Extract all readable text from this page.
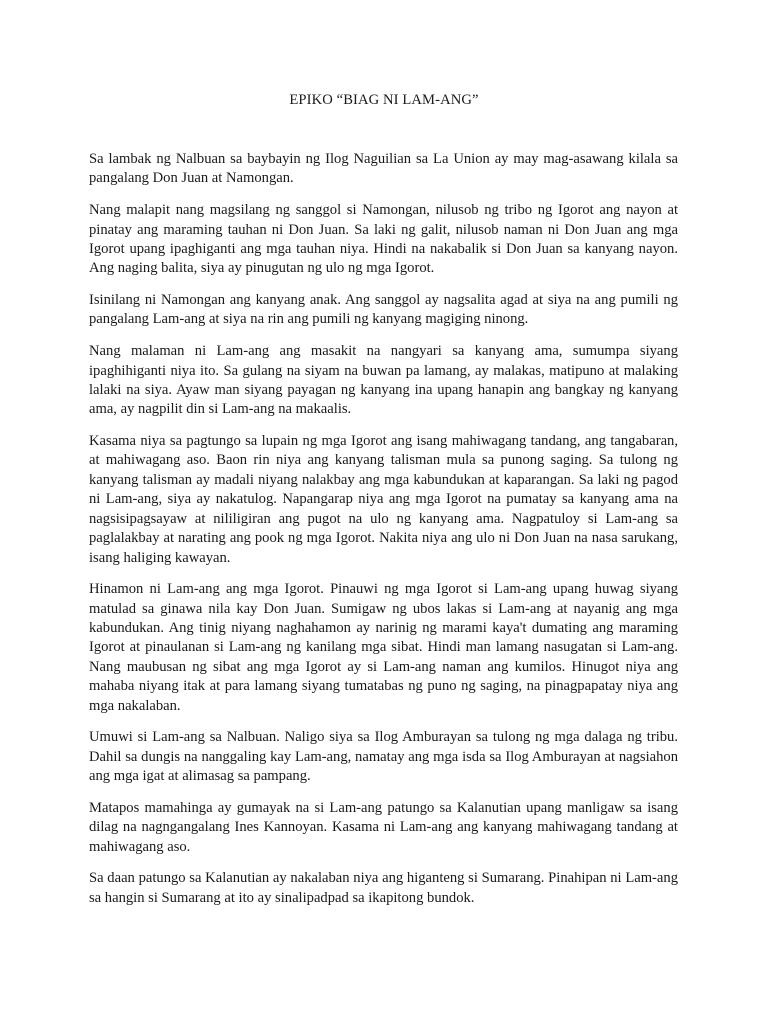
EPIKO “BIAG NI LAM-ANG”

Sa lambak ng Nalbuan sa baybayin ng Ilog Naguilian sa La Union ay may mag-asawang kilala sa pangalang Don Juan at Namongan.

Nang malapit nang magsilang ng sanggol si Namongan, nilusob ng tribo ng Igorot ang nayon at pinatay ang maraming tauhan ni Don Juan. Sa laki ng galit, nilusob naman ni Don Juan ang mga Igorot upang ipaghiganti ang mga tauhan niya. Hindi na nakabalik si Don Juan sa kanyang nayon. Ang naging balita, siya ay pinugutan ng ulo ng mga Igorot.

Isinilang ni Namongan ang kanyang anak. Ang sanggol ay nagsalita agad at siya na ang pumili ng pangalang Lam-ang at siya na rin ang pumili ng kanyang magiging ninong.

Nang malaman ni Lam-ang ang masakit na nangyari sa kanyang ama, sumumpa siyang ipaghihiganti niya ito. Sa gulang na siyam na buwan pa lamang, ay malakas, matipuno at malaking lalaki na siya. Ayaw man siyang payagan ng kanyang ina upang hanapin ang bangkay ng kanyang ama, ay nagpilit din si Lam-ang na makaalis.

Kasama niya sa pagtungo sa lupain ng mga Igorot ang isang mahiwagang tandang, ang tangabaran, at mahiwagang aso. Baon rin niya ang kanyang talisman mula sa punong saging. Sa tulong ng kanyang talisman ay madali niyang nalakbay ang mga kabundukan at kaparangan. Sa laki ng pagod ni Lam-ang, siya ay nakatulog. Napangarap niya ang mga Igorot na pumatay sa kanyang ama na nagsisipagsayaw at nililigiran ang pugot na ulo ng kanyang ama. Nagpatuloy si Lam-ang sa paglalakbay at narating ang pook ng mga Igorot. Nakita niya ang ulo ni Don Juan na nasa sarukang, isang haliging kawayan.

Hinamon ni Lam-ang ang mga Igorot. Pinauwi ng mga Igorot si Lam-ang upang huwag siyang matulad sa ginawa nila kay Don Juan. Sumigaw ng ubos lakas si Lam-ang at nayanig ang mga kabundukan. Ang tinig niyang naghahamon ay narinig ng marami kaya't dumating ang maraming Igorot at pinaulanan si Lam-ang ng kanilang mga sibat. Hindi man lamang nasugatan si Lam-ang. Nang maubusan ng sibat ang mga Igorot ay si Lam-ang naman ang kumilos. Hinugot niya ang mahaba niyang itak at para lamang siyang tumatabas ng puno ng saging, na pinagpapatay niya ang mga nakalaban.

Umuwi si Lam-ang sa Nalbuan. Naligo siya sa Ilog Amburayan sa tulong ng mga dalaga ng tribu. Dahil sa dungis na nanggaling kay Lam-ang, namatay ang mga isda sa Ilog Amburayan at nagsiahon ang mga igat at alimasag sa pampang.

Matapos mamahinga ay gumayak na si Lam-ang patungo sa Kalanutian upang manligaw sa isang dilag na nagngangalang Ines Kannoyan. Kasama ni Lam-ang ang kanyang mahiwagang tandang at mahiwagang aso.

Sa daan patungo sa Kalanutian ay nakalaban niya ang higanteng si Sumarang. Pinahipan ni Lam-ang sa hangin si Sumarang at ito ay sinalipadpad sa ikapitong bundok.
